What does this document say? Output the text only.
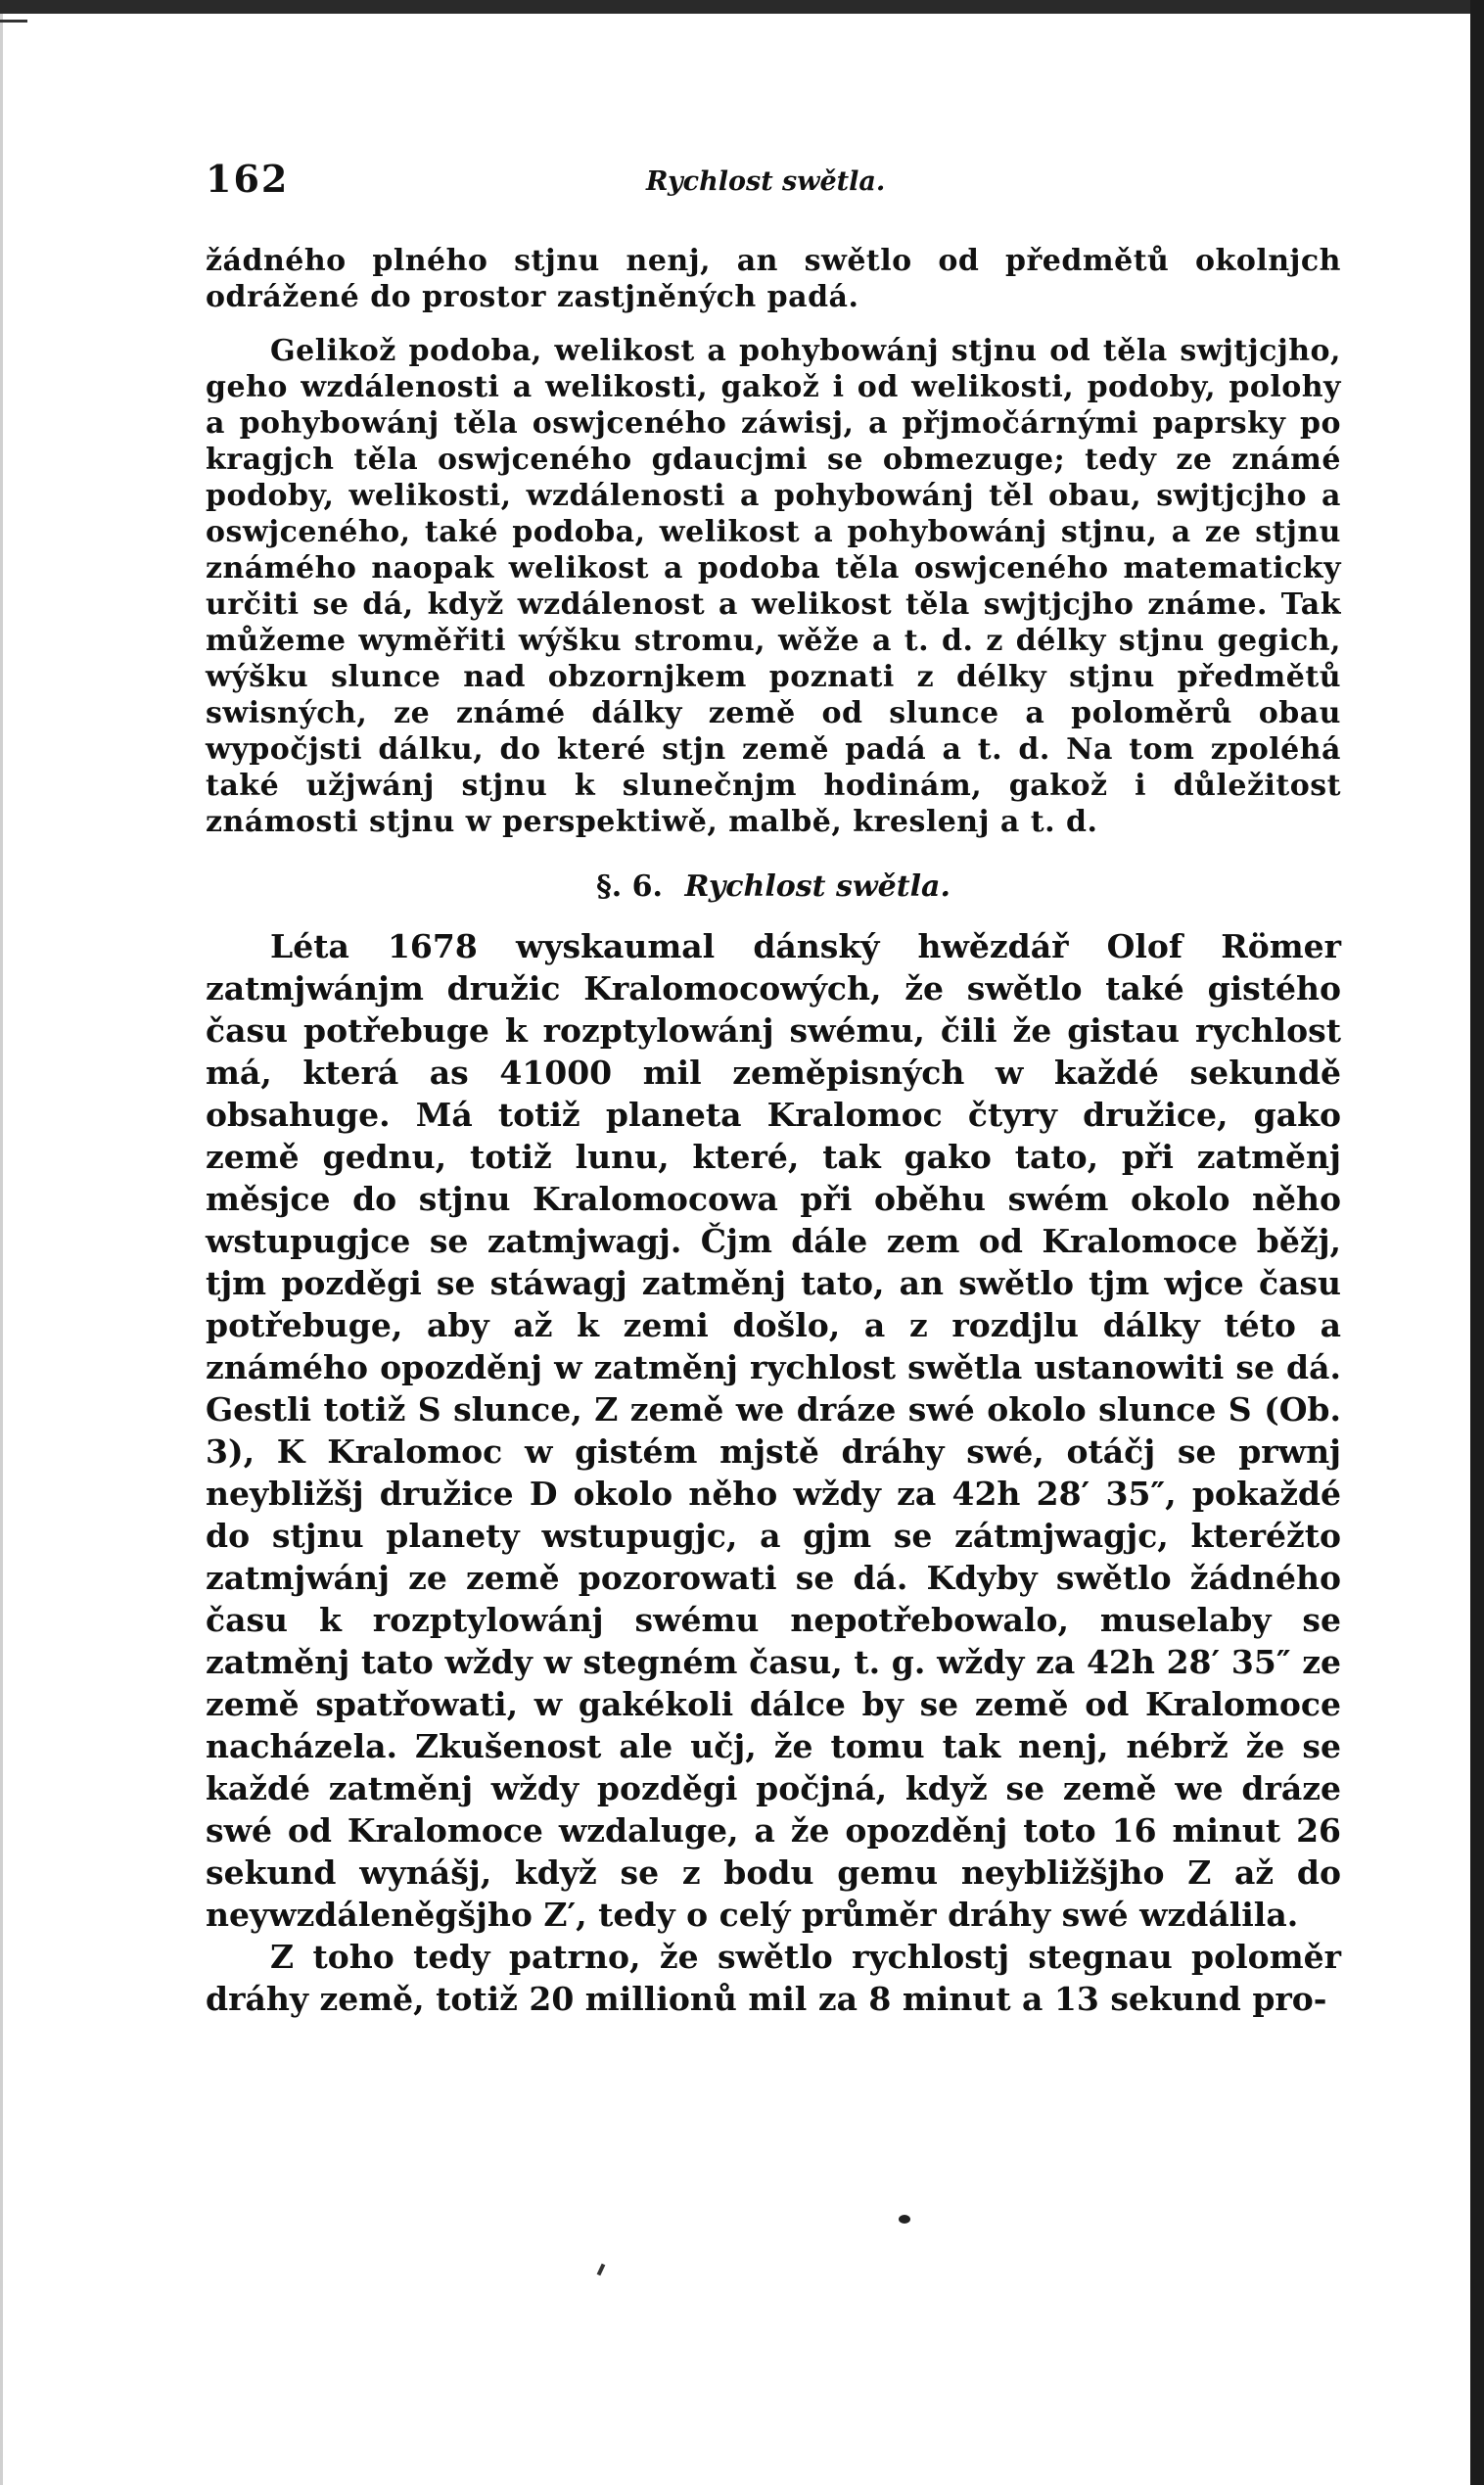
162	Rychlost swětla.

žádného plného stjnu nenj, an swětlo od předmětů okolnjch odrážené do prostor zastjněných padá.

Gelikož podoba, welikost a pohybowánj stjnu od těla swjtjcjho, geho wzdálenosti a welikosti, gakož i od welikosti, podoby, polohy a pohybowánj těla oswjceného záwisj, a přjmočárnými paprsky po kragjch těla oswjceného gdaucjmi se obmezuge; tedy ze známé podoby, welikosti, wzdálenosti a pohybowánj těl obau, swjtjcjho a oswjceného, také podoba, welikost a pohybowánj stjnu, a ze stjnu známého naopak welikost a podoba těla oswjceného matematicky určiti se dá, když wzdálenost a welikost těla swjtjcjho známe. Tak můžeme wyměřiti wýšku stromu, wěže a t. d. z délky stjnu gegich, wýšku slunce nad obzornjkem poznati z délky stjnu předmětů swisných, ze známé dálky země od slunce a poloměrů obau wypočjsti dálku, do které stjn země padá a t. d. Na tom zpoléhá také užjwánj stjnu k slunečnjm hodinám, gakož i důležitost známosti stjnu w perspektiwě, malbě, kreslenj a t. d.

§. 6. Rychlost swětla.

Léta 1678 wyskaumal dánský hwězdář Olof Römer zatmjwánjm družic Kralomocowých, že swětlo také gistého času potřebuge k rozptylowánj swému, čili že gistau rychlost má, která as 41000 mil zeměpisných w každé sekundě obsahuge. Má totiž planeta Kralomoc čtyry družice, gako země gednu, totiž lunu, které, tak gako tato, při zatměnj měsjce do stjnu Kralomocowa při oběhu swém okolo něho wstupugjce se zatmjwagj. Čjm dále zem od Kralomoce běžj, tjm pozděgi se stáwagj zatměnj tato, an swětlo tjm wjce času potřebuge, aby až k zemi došlo, a z rozdjlu dálky této a známého opozděnj w zatměnj rychlost swětla ustanowiti se dá. Gestli totiž S slunce, Z země we dráze swé okolo slunce S (Ob. 3), K Kralomoc w gistém mjstě dráhy swé, otáčj se prwnj neybližšj družice D okolo něho wždy za 42h 28′ 35″, pokaždé do stjnu planety wstupugjc, a gjm se zátmjwagjc, kteréžto zatmjwánj ze země pozorowati se dá. Kdyby swětlo žádného času k rozptylowánj swému nepotřebowalo, muselaby se zatměnj tato wždy w stegném času, t. g. wždy za 42h 28′ 35″ ze země spatřowati, w gakékoli dálce by se země od Kralomoce nacházela. Zkušenost ale učj, že tomu tak nenj, nébrž že se každé zatměnj wždy pozděgi počjná, když se země we dráze swé od Kralomoce wzdaluge, a že opozděnj toto 16 minut 26 sekund wynášj, když se z bodu gemu neybližšjho Z až do neywzdáleněgšjho Z′, tedy o celý průměr dráhy swé wzdálila.

Z toho tedy patrno, že swětlo rychlostj stegnau poloměr dráhy země, totiž 20 millionů mil za 8 minut a 13 sekund pro-
